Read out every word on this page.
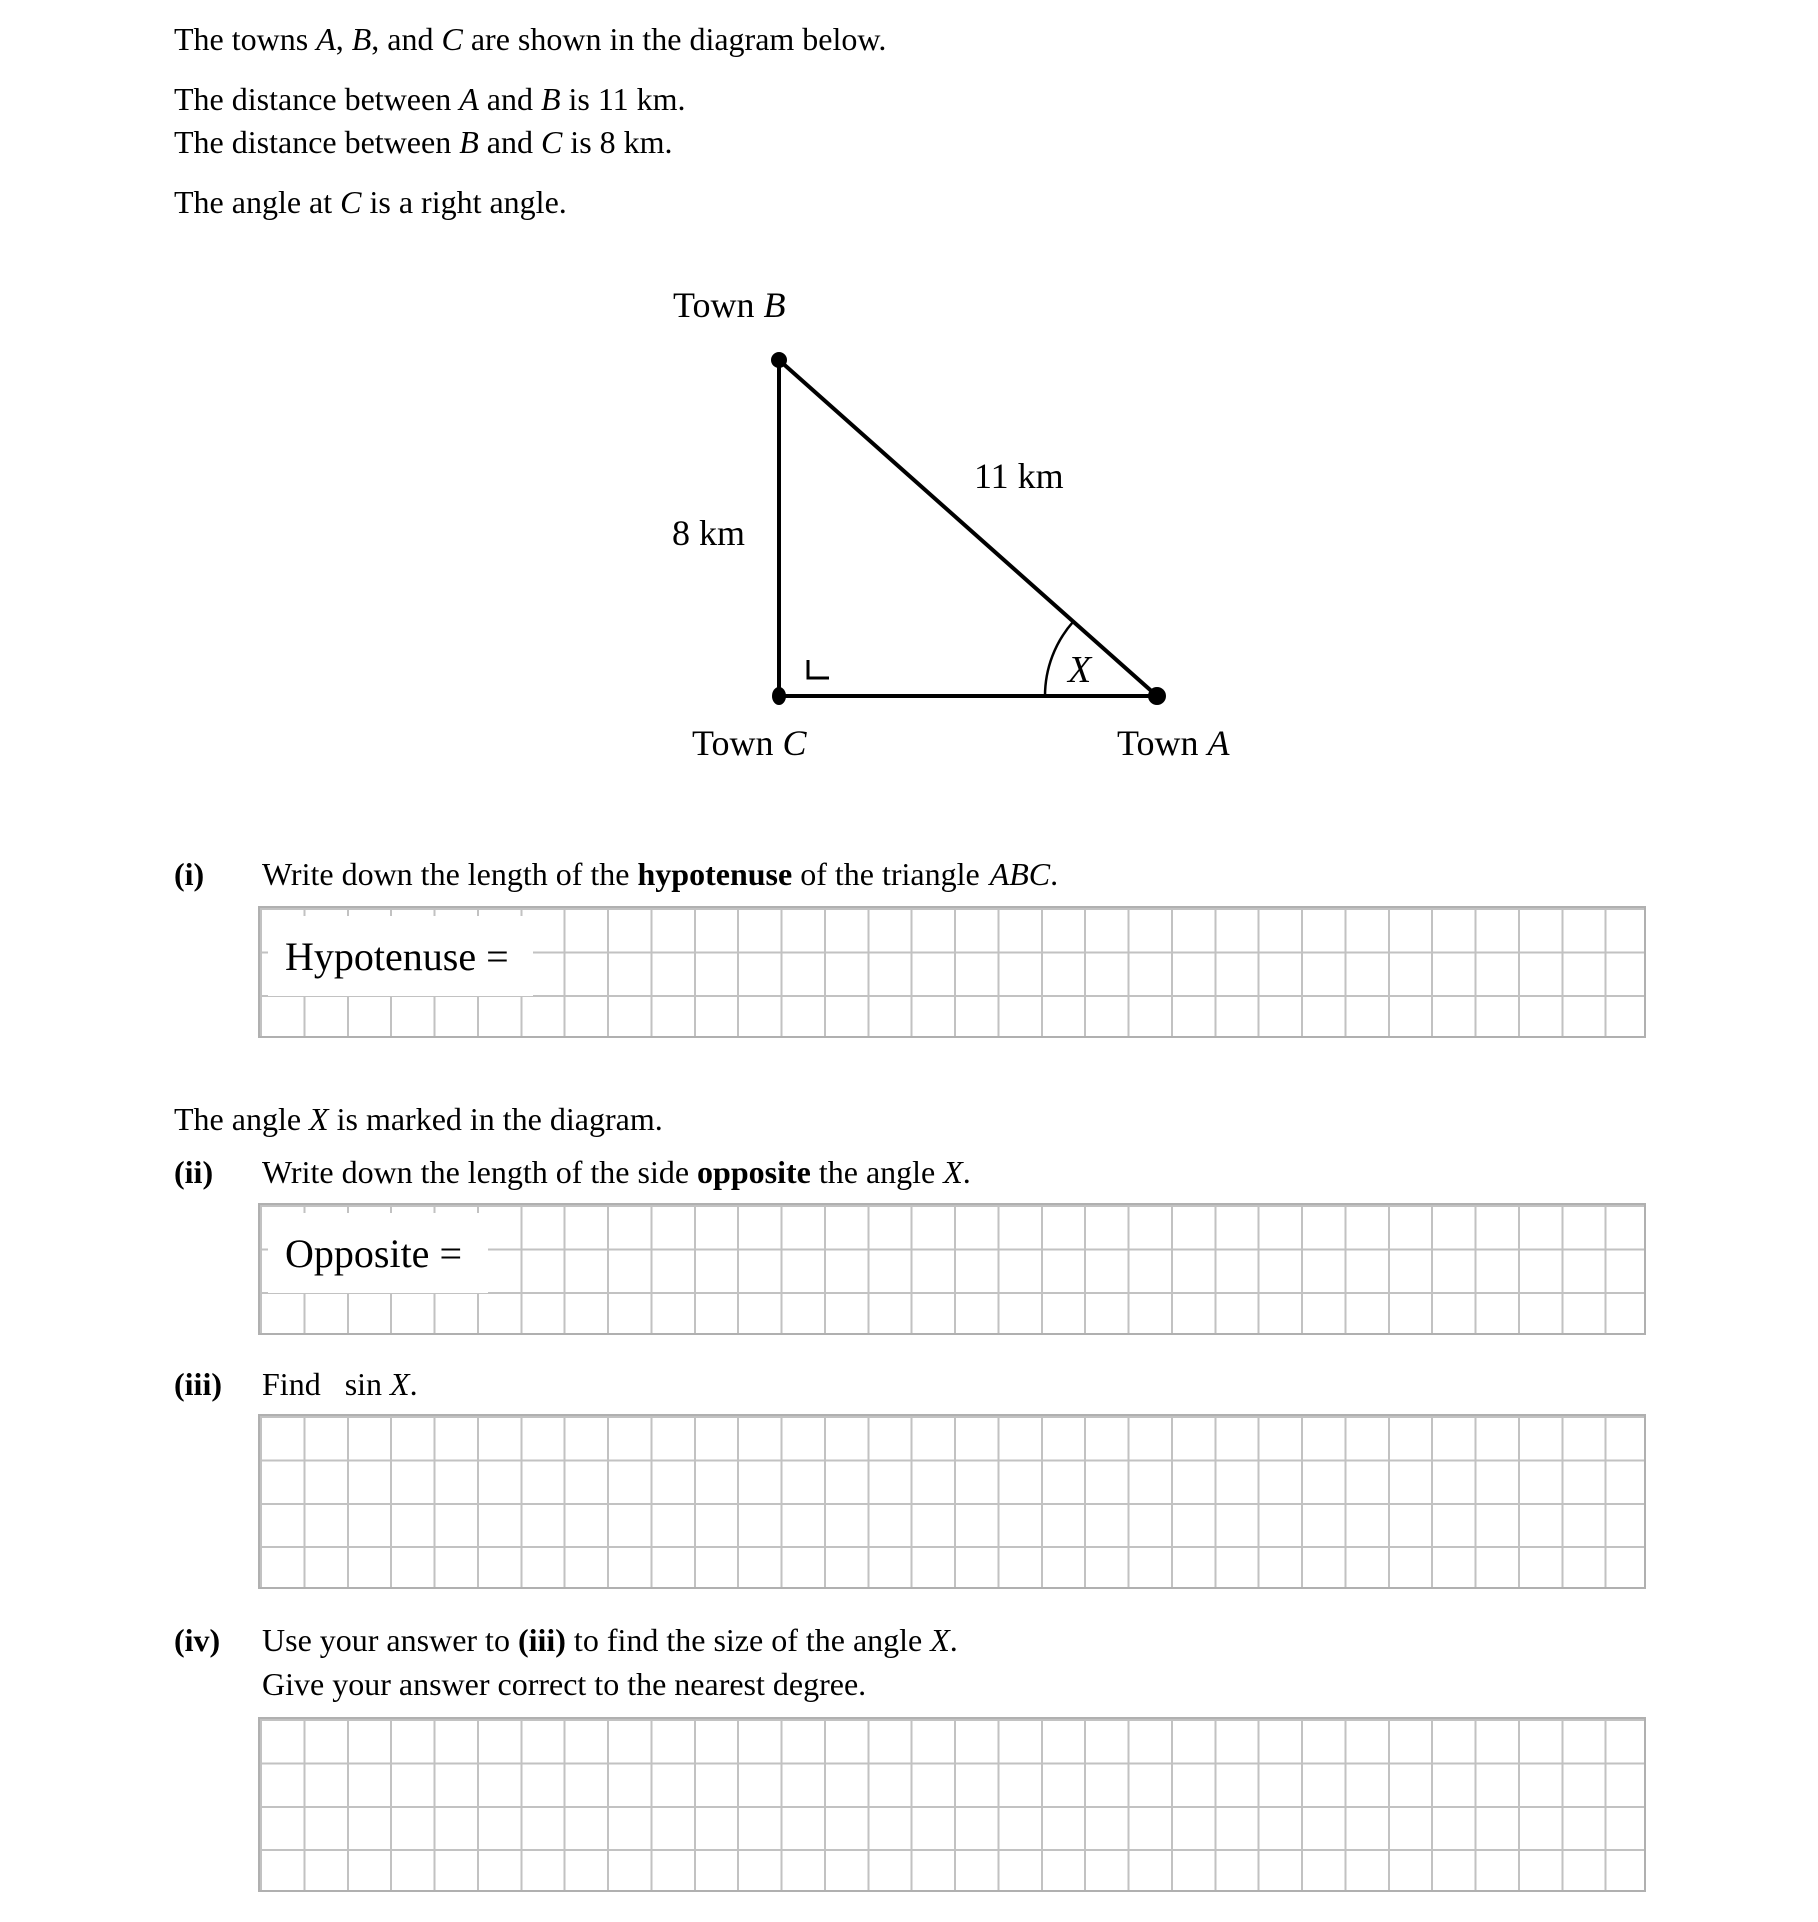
The towns A, B, and C are shown in the diagram below.
The distance between A and B is 11 km.
The distance between B and C is 8 km.
The angle at C is a right angle.
Town B
Town C	Town A
8 km
11 km
X
(i) Write down the length of the hypotenuse of the triangle ABC.
Hypotenuse =
The angle X is marked in the diagram.
(ii) Write down the length of the side opposite the angle X.
Opposite =
(iii) Find  sin X.
(iv) Use your answer to (iii) to find the size of the angle X.
Give your answer correct to the nearest degree.
